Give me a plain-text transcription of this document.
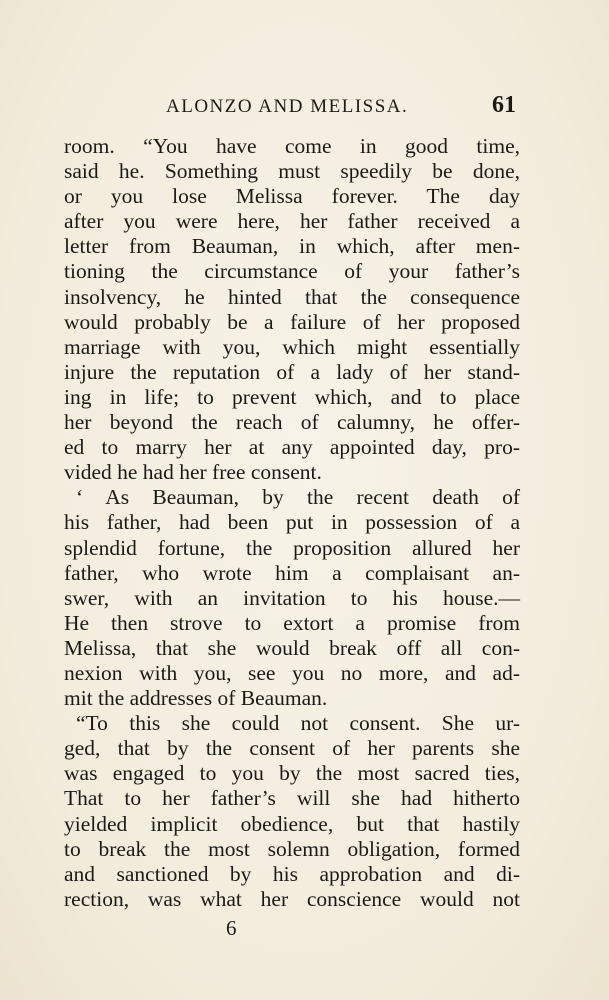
ALONZO AND MELISSA.	61
room. “You have come in good time,
said he. Something must speedily be done,
or you lose Melissa forever. The day
after you were here, her father received a
letter from Beauman, in which, after men-
tioning the circumstance of your father’s
insolvency, he hinted that the consequence
would probably be a failure of her proposed
marriage with you, which might essentially
injure the reputation of a lady of her stand-
ing in life; to prevent which, and to place
her beyond the reach of calumny, he offer-
ed to marry her at any appointed day, pro-
vided he had her free consent.
‘ As Beauman, by the recent death of
his father, had been put in possession of a
splendid fortune, the proposition allured her
father, who wrote him a complaisant an-
swer, with an invitation to his house.—
He then strove to extort a promise from
Melissa, that she would break off all con-
nexion with you, see you no more, and ad-
mit the addresses of Beauman.
“To this she could not consent. She ur-
ged, that by the consent of her parents she
was engaged to you by the most sacred ties,
That to her father’s will she had hitherto
yielded implicit obedience, but that hastily
to break the most solemn obligation, formed
and sanctioned by his approbation and di-
rection, was what her conscience would not
6
